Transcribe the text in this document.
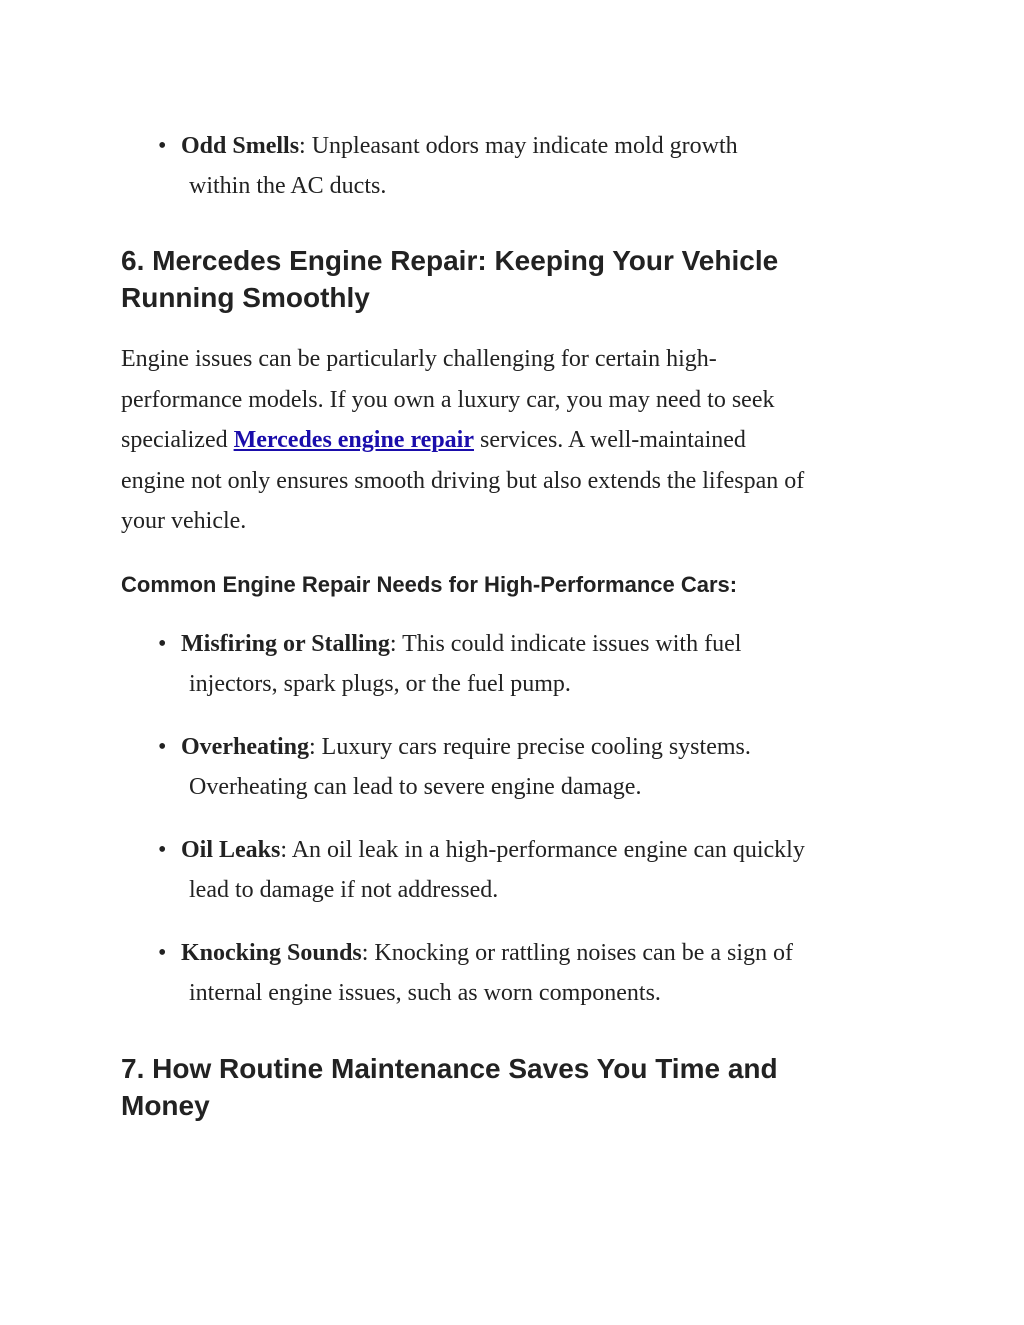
• Odd Smells: Unpleasant odors may indicate mold growth
within the AC ducts.
6. Mercedes Engine Repair: Keeping Your Vehicle
Running Smoothly

Engine issues can be particularly challenging for certain high-
performance models. If you own a luxury car, you may need to seek
specialized Mercedes engine repair services. A well-maintained
engine not only ensures smooth driving but also extends the lifespan of
your vehicle.

Common Engine Repair Needs for High-Performance Cars:
• Misfiring or Stalling: This could indicate issues with fuel
injectors, spark plugs, or the fuel pump.
• Overheating: Luxury cars require precise cooling systems.
Overheating can lead to severe engine damage.
• Oil Leaks: An oil leak in a high-performance engine can quickly
lead to damage if not addressed.
• Knocking Sounds: Knocking or rattling noises can be a sign of
internal engine issues, such as worn components.
7. How Routine Maintenance Saves You Time and
Money
